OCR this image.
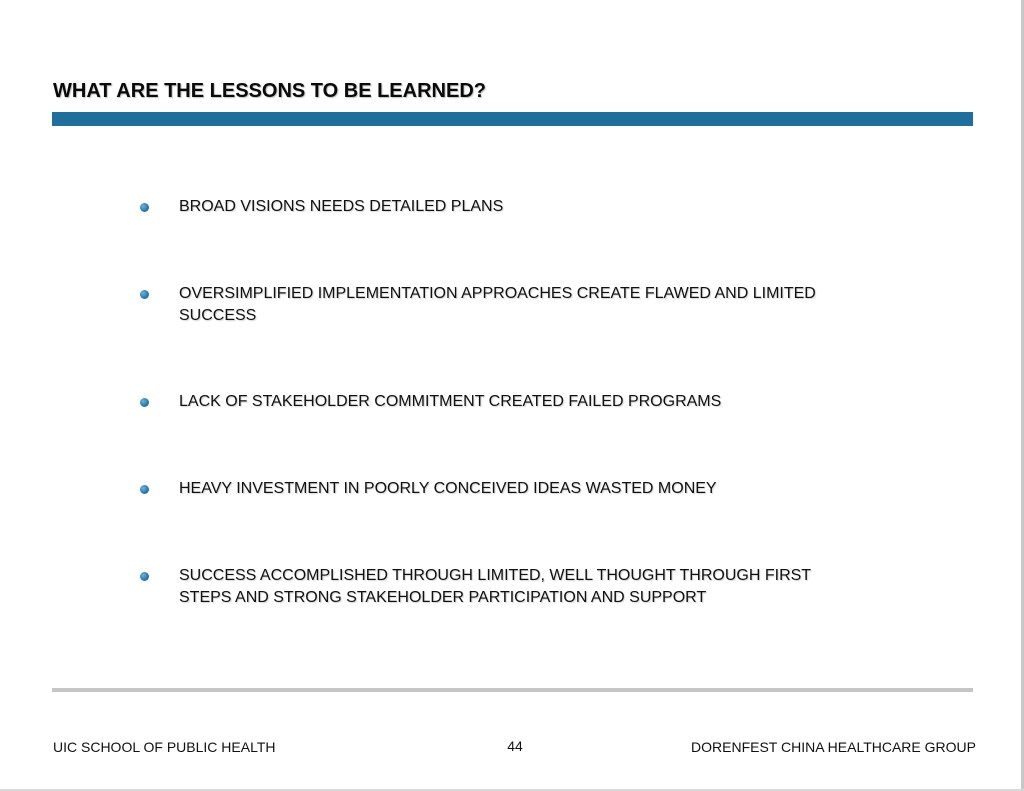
WHAT ARE THE LESSONS TO BE LEARNED?
BROAD VISIONS NEEDS DETAILED PLANS
OVERSIMPLIFIED IMPLEMENTATION APPROACHES CREATE FLAWED AND LIMITED SUCCESS
LACK OF STAKEHOLDER COMMITMENT CREATED FAILED PROGRAMS
HEAVY INVESTMENT IN POORLY CONCEIVED IDEAS WASTED MONEY
SUCCESS ACCOMPLISHED THROUGH LIMITED, WELL THOUGHT THROUGH FIRST STEPS AND STRONG STAKEHOLDER PARTICIPATION AND SUPPORT
UIC SCHOOL OF PUBLIC HEALTH	44	DORENFEST CHINA HEALTHCARE GROUP
